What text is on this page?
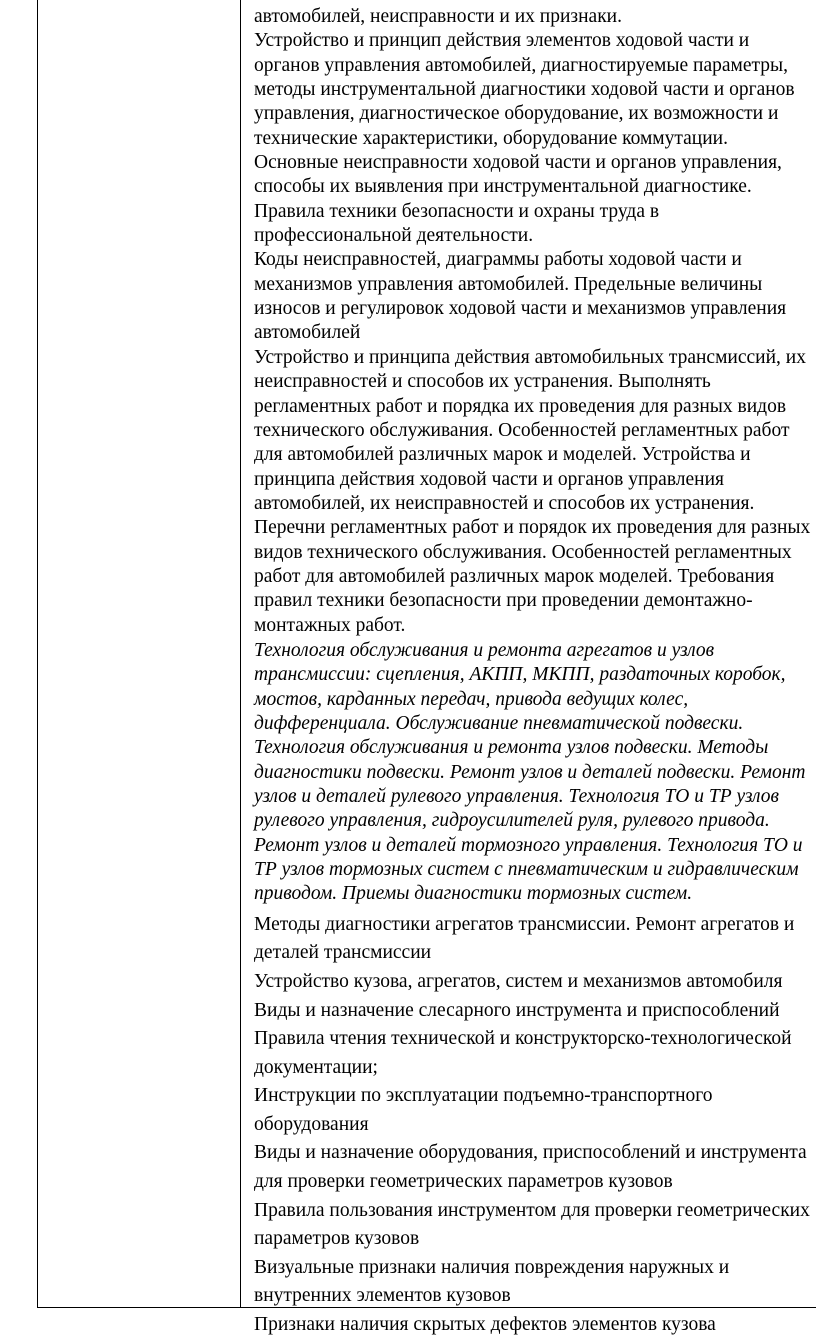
автомобилей, неисправности и их признаки.
Устройство и принцип действия элементов ходовой части и
органов управления автомобилей, диагностируемые параметры,
методы инструментальной диагностики ходовой части и органов
управления, диагностическое оборудование, их возможности и
технические характеристики, оборудование коммутации.
Основные неисправности ходовой части и органов управления,
способы их выявления при инструментальной диагностике.
Правила техники безопасности и охраны труда в
профессиональной деятельности.
Коды неисправностей, диаграммы работы ходовой части и
механизмов управления автомобилей. Предельные величины
износов и регулировок ходовой части и механизмов управления
автомобилей
Устройство и принципа действия автомобильных трансмиссий, их
неисправностей и способов их устранения. Выполнять
регламентных работ и порядка их проведения для разных видов
технического обслуживания. Особенностей регламентных работ
для автомобилей различных марок и моделей. Устройства и
принципа действия ходовой части и органов управления
автомобилей, их неисправностей и способов их устранения.
Перечни регламентных работ и порядок их проведения для разных
видов технического обслуживания. Особенностей регламентных
работ для автомобилей различных марок моделей. Требования
правил техники безопасности при проведении демонтажно-
монтажных работ.
Технология обслуживания и ремонта агрегатов и узлов
трансмиссии: сцепления, АКПП, МКПП, раздаточных коробок,
мостов, карданных передач, привода ведущих колес,
дифференциала. Обслуживание пневматической подвески.
Технология обслуживания и ремонта узлов подвески. Методы
диагностики подвески. Ремонт узлов и деталей подвески. Ремонт
узлов и деталей рулевого управления. Технология ТО и ТР узлов
рулевого управления, гидроусилителей руля, рулевого привода.
Ремонт узлов и деталей тормозного управления. Технология ТО и
ТР узлов тормозных систем с пневматическим и гидравлическим
приводом. Приемы диагностики тормозных систем.
Методы диагностики агрегатов трансмиссии. Ремонт агрегатов и
деталей трансмиссии
Устройство кузова, агрегатов, систем и механизмов автомобиля
Виды и назначение слесарного инструмента и приспособлений
Правила чтения технической и конструкторско-технологической
документации;
Инструкции по эксплуатации подъемно-транспортного
оборудования
Виды и назначение оборудования, приспособлений и инструмента
для проверки геометрических параметров кузовов
Правила пользования инструментом для проверки геометрических
параметров кузовов
Визуальные признаки наличия повреждения наружных и
внутренних элементов кузовов
Признаки наличия скрытых дефектов элементов кузова
